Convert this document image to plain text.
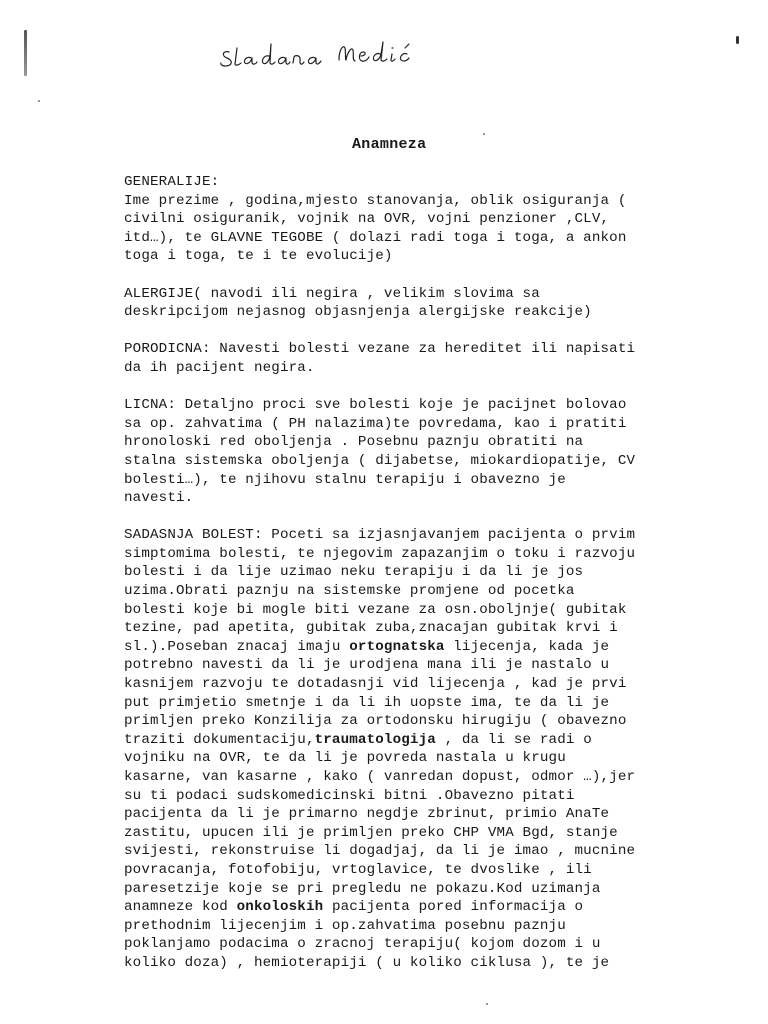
Anamneza
GENERALIJE:
Ime prezime , godina,mjesto stanovanja, oblik osiguranja (
civilni osiguranik, vojnik na OVR, vojni penzioner ,CLV,
itd…), te GLAVNE TEGOBE ( dolazi radi toga i toga, a ankon
toga i toga, te i te evolucije)
ALERGIJE( navodi ili negira , velikim slovima sa
deskripcijom nejasnog objasnjenja alergijske reakcije)
PORODICNA: Navesti bolesti vezane za hereditet ili napisati
da ih pacijent negira.
LICNA: Detaljno proci sve bolesti koje je pacijnet bolovao
sa op. zahvatima ( PH nalazima)te povredama, kao i pratiti
hronoloski red oboljenja . Posebnu paznju obratiti na
stalna sistemska oboljenja ( dijabetse, miokardiopatije, CV
bolesti…), te njihovu stalnu terapiju i obavezno je
navesti.
SADASNJA BOLEST: Poceti sa izjasnjavanjem pacijenta o prvim
simptomima bolesti, te njegovim zapazanjim o toku i razvoju
bolesti i da lije uzimao neku terapiju i da li je jos
uzima.Obrati paznju na sistemske promjene od pocetka
bolesti koje bi mogle biti vezane za osn.oboljnje( gubitak
tezine, pad apetita, gubitak zuba,znacajan gubitak krvi i
sl.).Poseban znacaj imaju ortognatska lijecenja, kada je
potrebno navesti da li je urodjena mana ili je nastalo u
kasnijem razvoju te dotadasnji vid lijecenja , kad je prvi
put primjetio smetnje i da li ih uopste ima, te da li je
primljen preko Konzilija za ortodonsku hirugiju ( obavezno
traziti dokumentaciju,traumatologija , da li se radi o
vojniku na OVR, te da li je povreda nastala u krugu
kasarne, van kasarne , kako ( vanredan dopust, odmor …),jer
su ti podaci sudskomedicinski bitni .Obavezno pitati
pacijenta da li je primarno negdje zbrinut, primio AnaTe
zastitu, upucen ili je primljen preko CHP VMA Bgd, stanje
svijesti, rekonstruise li dogadjaj, da li je imao , mucnine
povracanja, fotofobiju, vrtoglavice, te dvoslike , ili
paresetzije koje se pri pregledu ne pokazu.Kod uzimanja
anamneze kod onkoloskih pacijenta pored informacija o
prethodnim lijecenjim i op.zahvatima posebnu paznju
poklanjamo podacima o zracnoj terapiju( kojom dozom i u
koliko doza) , hemioterapiji ( u koliko ciklusa ), te je
